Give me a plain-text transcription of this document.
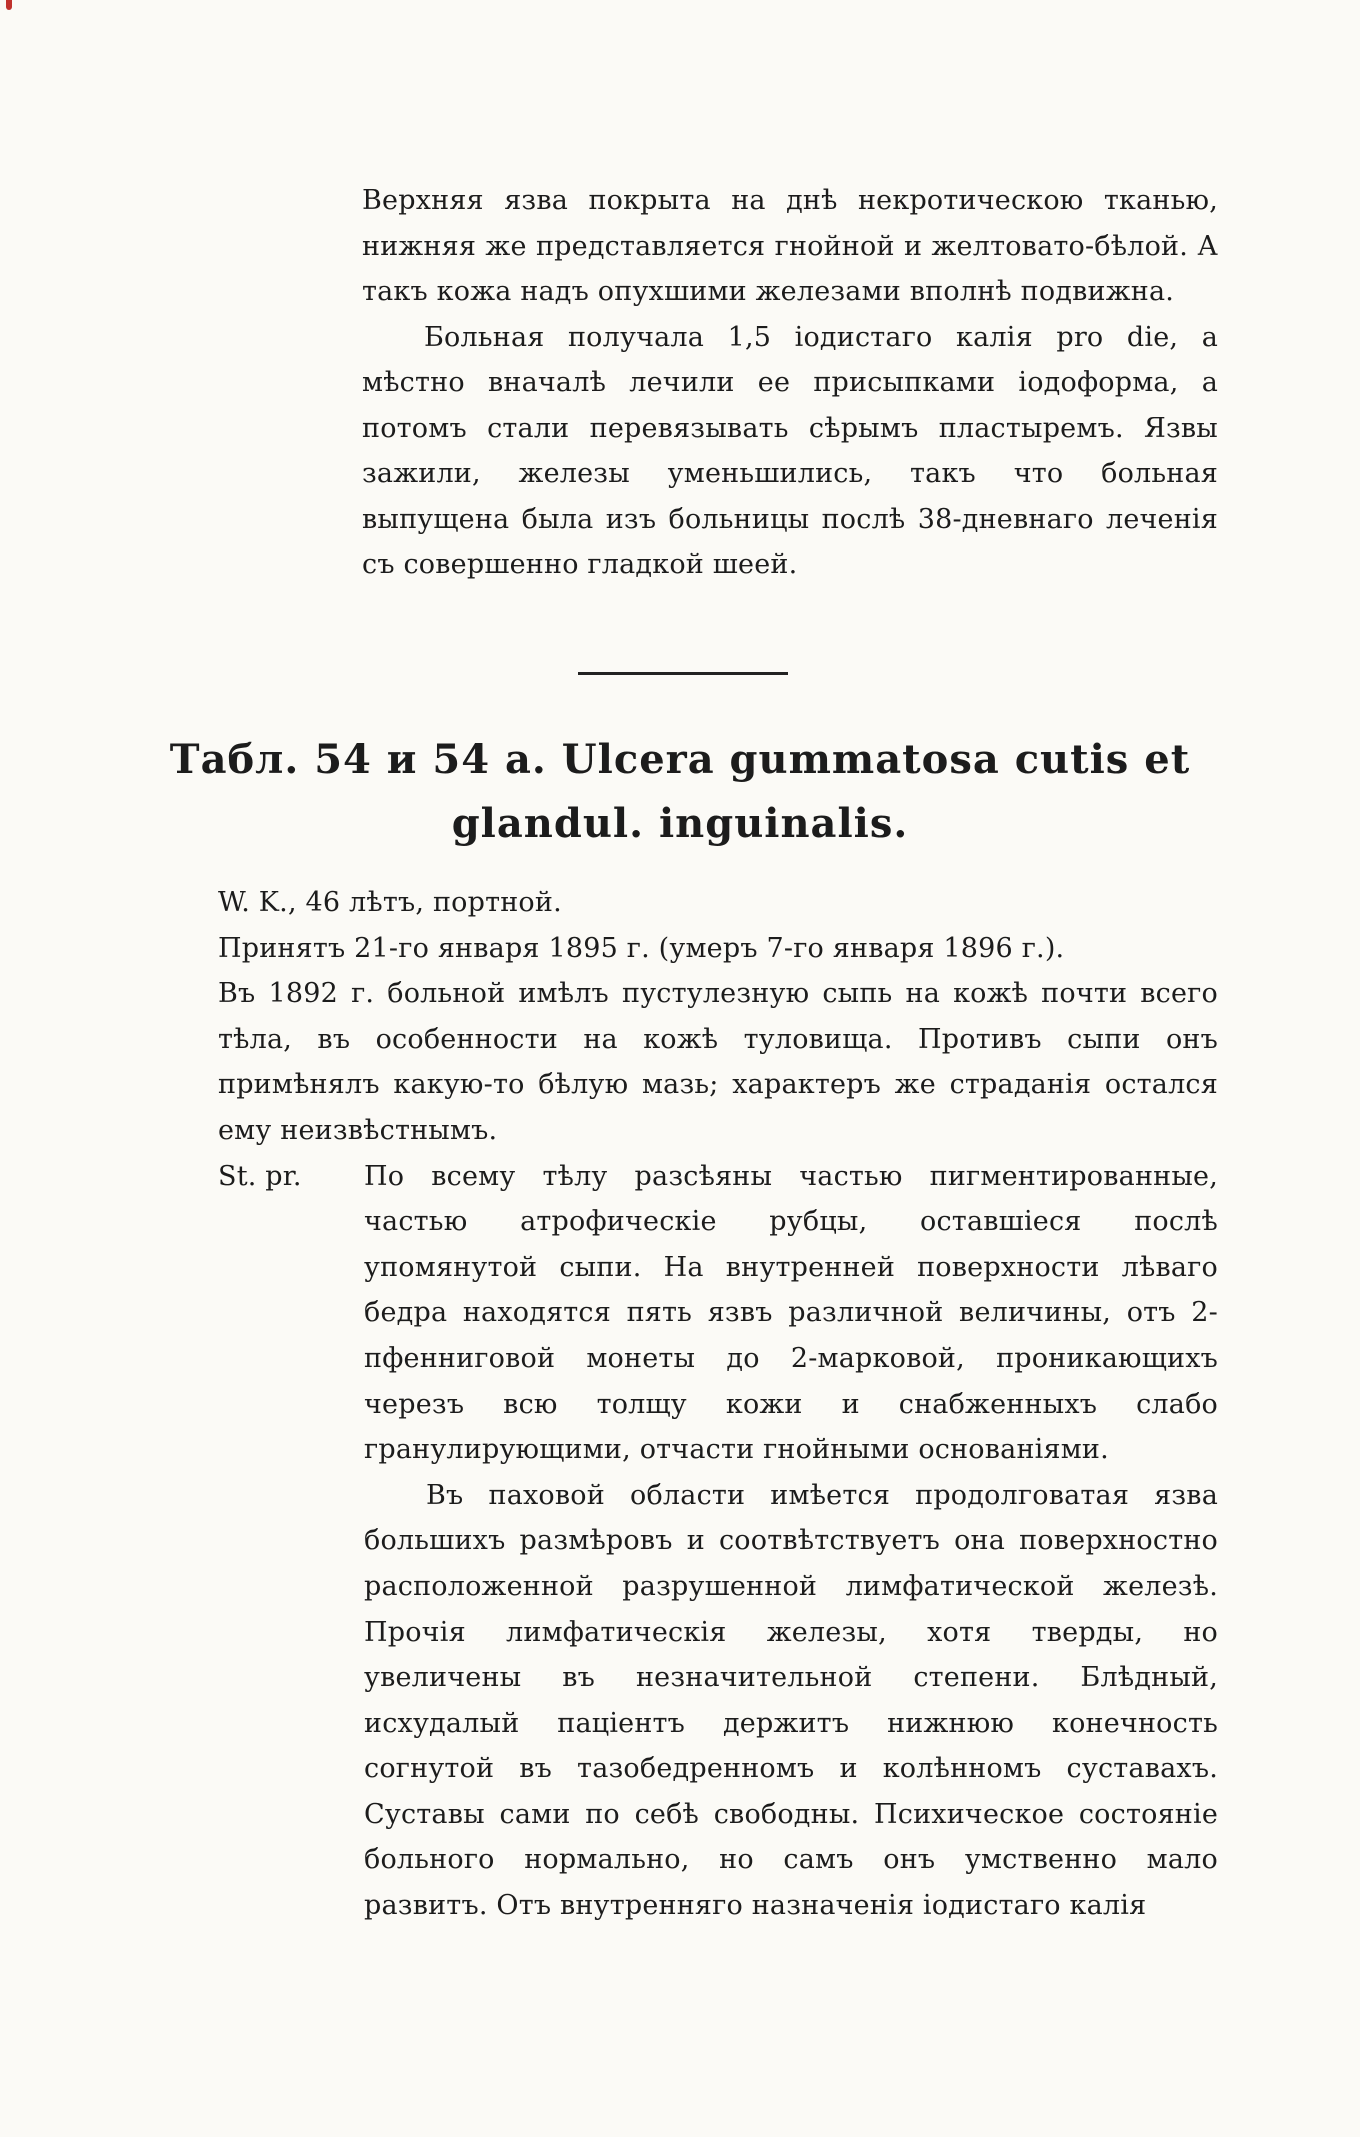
Верхняя язва покрыта на днѣ некротическою тканью, нижняя же представляется гнойной и желтовато-бѣлой. А такъ кожа надъ опухшими железами вполнѣ подвижна.

Больная получала 1,5 іодистаго калія pro die, а мѣстно вначалѣ лечили ее присыпками іодоформа, а потомъ стали перевязывать сѣрымъ пластыремъ. Язвы зажили, железы уменьшились, такъ что больная выпущена была изъ больницы послѣ 38-дневнаго леченія съ совершенно гладкой шеей.

Табл. 54 и 54 а. Ulcera gummatosa cutis et
glandul. inguinalis.

W. K., 46 лѣтъ, портной.

Принятъ 21-го января 1895 г. (умеръ 7-го января 1896 г.).

Въ 1892 г. больной имѣлъ пустулезную сыпь на кожѣ почти всего тѣла, въ особенности на кожѣ туловища. Противъ сыпи онъ примѣнялъ какую-то бѣлую мазь; характеръ же страданія остался ему неизвѣстнымъ.

St. pr.	По всему тѣлу разсѣяны частью пигментированные, частью атрофическіе рубцы, оставшіеся послѣ упомянутой сыпи. На внутренней поверхности лѣваго бедра находятся пять язвъ различной величины, отъ 2-пфенниговой монеты до 2-марковой, проникающихъ черезъ всю толщу кожи и снабженныхъ слабо гранулирующими, отчасти гнойными основаніями.

Въ паховой области имѣется продолговатая язва большихъ размѣровъ и соотвѣтствуетъ она поверхностно расположенной разрушенной лимфатической железѣ. Прочія лимфатическія железы, хотя тверды, но увеличены въ незначительной степени. Блѣдный, исхудалый паціентъ держитъ нижнюю конечность согнутой въ тазобедренномъ и колѣнномъ суставахъ. Суставы сами по себѣ свободны. Психическое состояніе больного нормально, но самъ онъ умственно мало развитъ. Отъ внутренняго назначенія іодистаго калія
